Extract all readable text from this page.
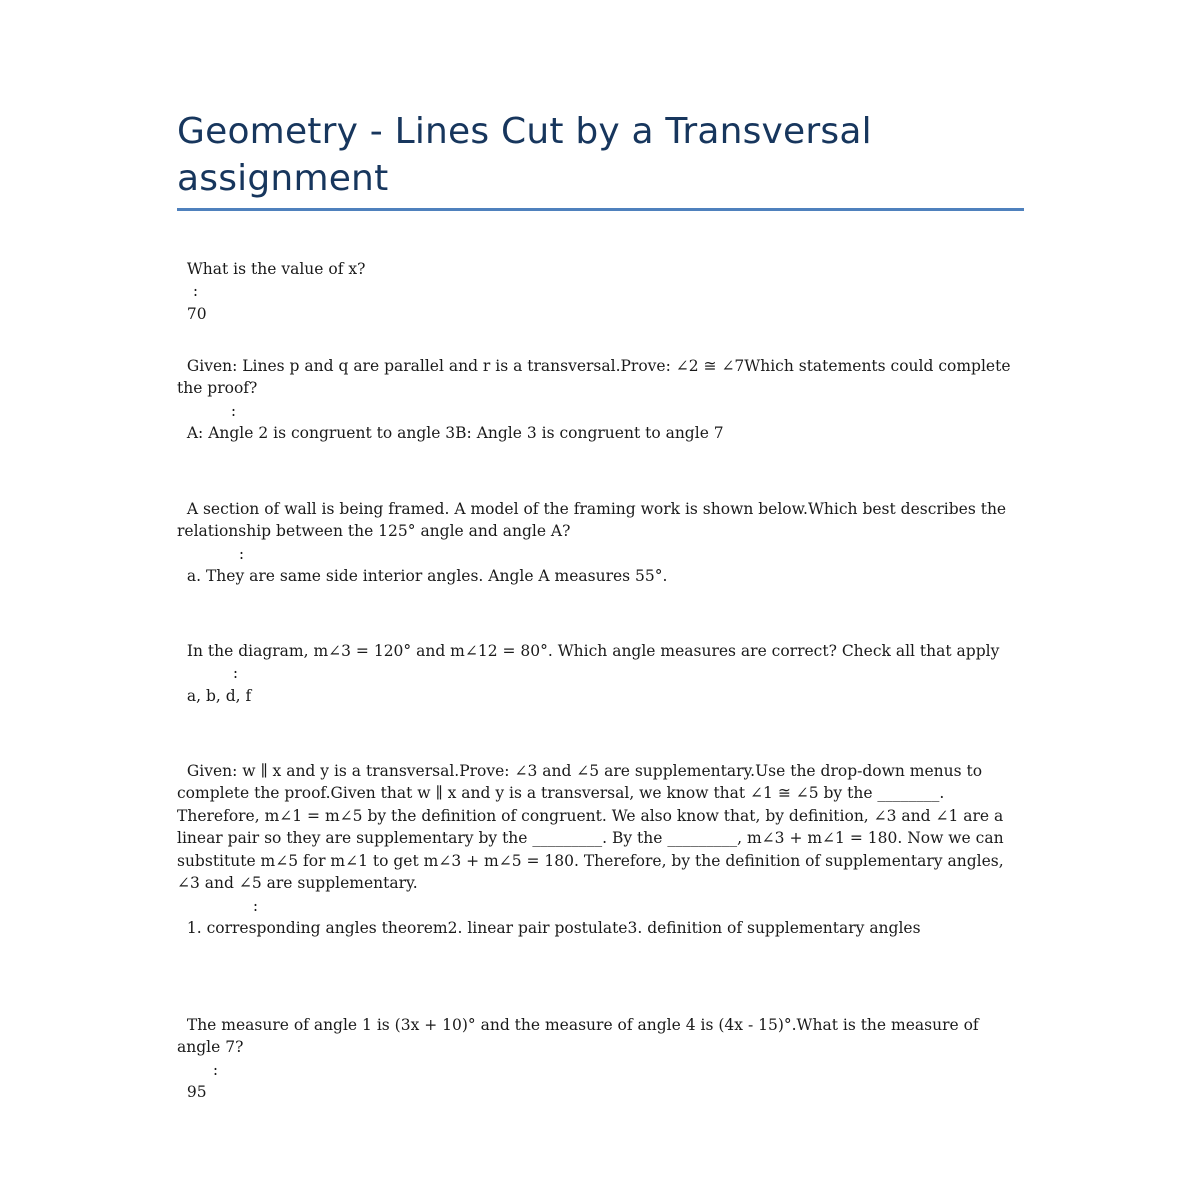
Geometry - Lines Cut by a Transversal assignment

What is the value of x?
:
70

Given: Lines p and q are parallel and r is a transversal.Prove: ∠2 ≅ ∠7Which statements could complete the proof?
:
A: Angle 2 is congruent to angle 3B: Angle 3 is congruent to angle 7

A section of wall is being framed. A model of the framing work is shown below.Which best describes the relationship between the 125° angle and angle A?
:
a. They are same side interior angles. Angle A measures 55°.

In the diagram, m∠3 = 120° and m∠12 = 80°. Which angle measures are correct? Check all that apply
:
a, b, d, f

Given: w ∥ x and y is a transversal.Prove: ∠3 and ∠5 are supplementary.Use the drop-down menus to complete the proof.Given that w ∥ x and y is a transversal, we know that ∠1 ≅ ∠5 by the ________. Therefore, m∠1 = m∠5 by the definition of congruent. We also know that, by definition, ∠3 and ∠1 are a linear pair so they are supplementary by the _________. By the _________, m∠3 + m∠1 = 180. Now we can substitute m∠5 for m∠1 to get m∠3 + m∠5 = 180. Therefore, by the definition of supplementary angles, ∠3 and ∠5 are supplementary.
:
1. corresponding angles theorem2. linear pair postulate3. definition of supplementary angles

The measure of angle 1 is (3x + 10)° and the measure of angle 4 is (4x - 15)°.What is the measure of angle 7?
:
95
